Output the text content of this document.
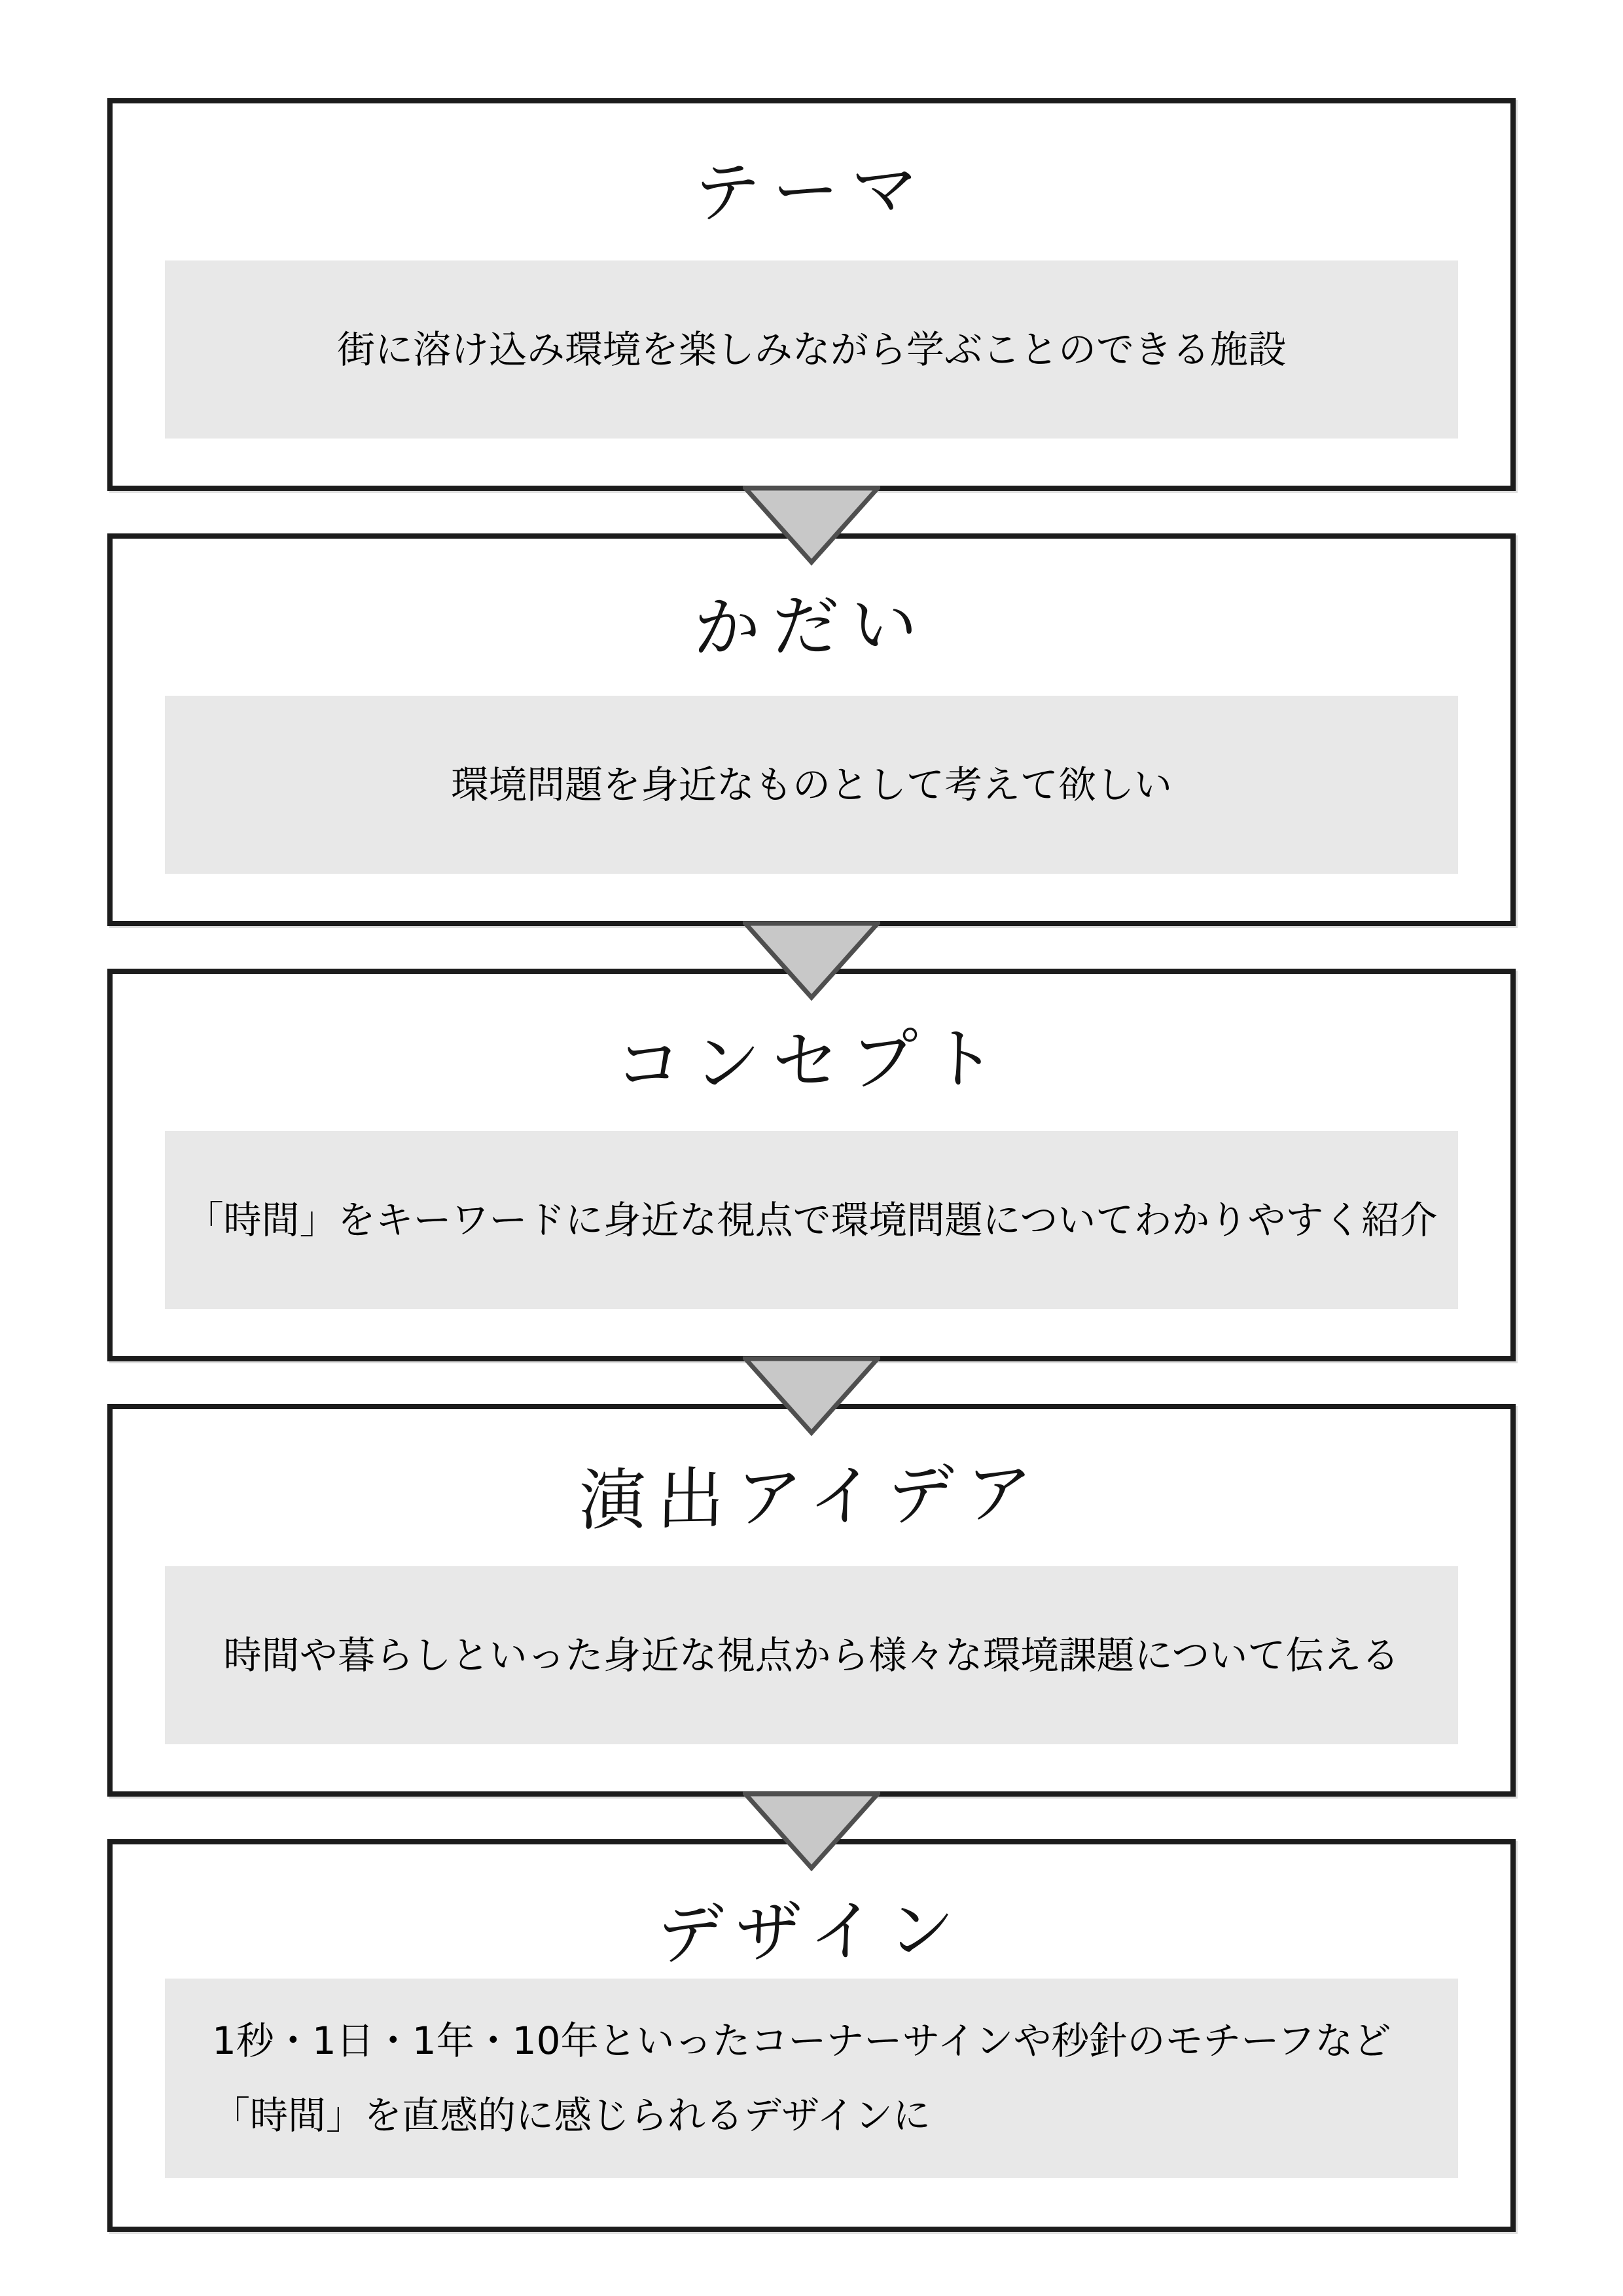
テーマ
街に溶け込み環境を楽しみながら学ぶことのできる施設
かだい
環境問題を身近なものとして考えて欲しい
コンセプト
「時間」をキーワードに身近な視点で環境問題についてわかりやすく紹介
演出アイデア
時間や暮らしといった身近な視点から様々な環境課題について伝える
デザイン
1秒・1日・1年・10年といったコーナーサインや秒針のモチーフなど
「時間」を直感的に感じられるデザインに
